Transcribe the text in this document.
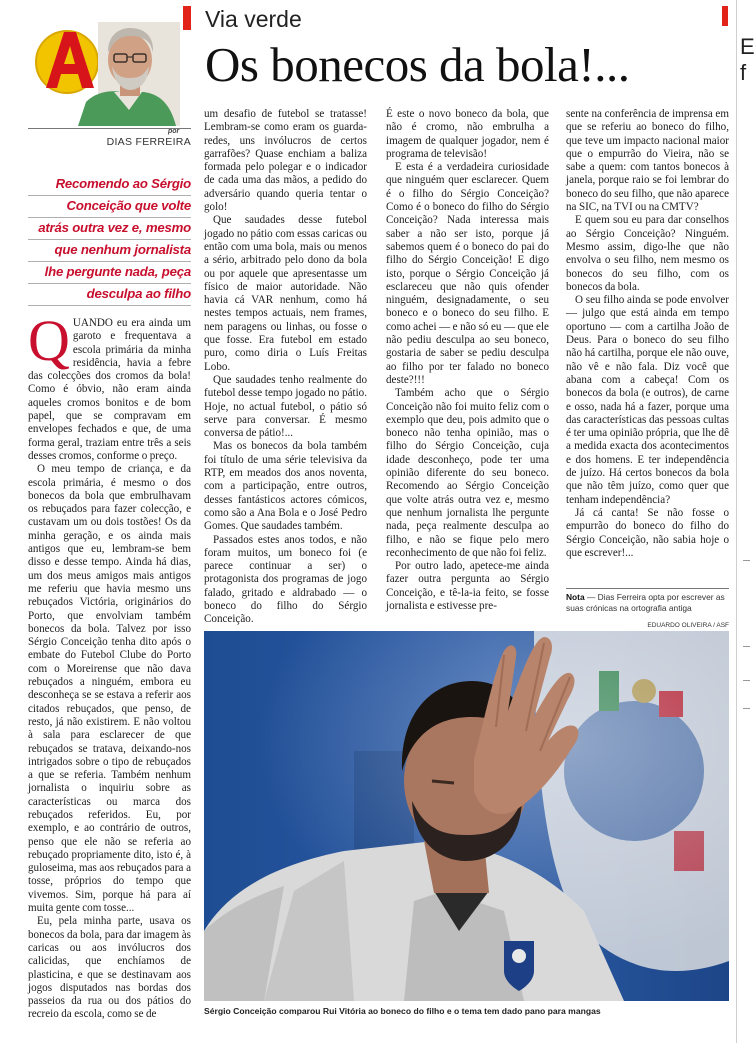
Via verde
Os bonecos da bola!...	E
f
por
DIAS FERREIRA
Recomendo ao Sérgio
Conceição que volte
atrás outra vez e, mesmo
que nenhum jornalista
lhe pergunte nada, peça
desculpa ao filho
Q UANDO eu era ainda um garoto e frequentava a escola primária da minha residência, havia a febre das colecções dos cromos da bola! Como é óbvio, não eram ainda aqueles cromos bonitos e de bom papel, que se compravam em envelopes fechados e que, de uma forma geral, traziam entre três a seis desses cromos, conforme o preço.

O meu tempo de criança, e da escola primária, é mesmo o dos bonecos da bola que embrulhavam os rebuçados para fazer colecção, e custavam um ou dois tostões! Os da minha geração, e os ainda mais antigos que eu, lembram-se bem disso e desse tempo. Ainda há dias, um dos meus amigos mais antigos me referiu que havia mesmo uns rebuçados Victória, originários do Porto, que envolviam também bonecos da bola. Talvez por isso Sérgio Conceição tenha dito após o embate do Futebol Clube do Porto com o Moreirense que não dava rebuçados a ninguém, embora eu desconheça se se estava a referir aos citados rebuçados, que penso, de resto, já não existirem. E não voltou à sala para esclarecer de que rebuçados se tratava, deixando-nos intrigados sobre o tipo de rebuçados a que se referia. Também nenhum jornalista o inquiriu sobre as características ou marca dos rebuçados referidos. Eu, por exemplo, e ao contrário de outros, penso que ele não se referia ao rebuçado propriamente dito, isto é, à guloseima, mas aos rebuçados para a tosse, próprios do tempo que vivemos. Sim, porque há para aí muita gente com tosse...

Eu, pela minha parte, usava os bonecos da bola, para dar imagem às caricas ou aos invólucros dos calicidas, que enchíamos de plasticina, e que se destinavam aos jogos disputados nas bordas dos passeios da rua ou dos pátios do recreio da escola, como se de

um desafio de futebol se tratasse! Lembram-se como eram os guarda-redes, uns invólucros de certos garrafões? Quase enchiam a baliza formada pelo polegar e o indicador de cada uma das mãos, a pedido do adversário quando queria tentar o golo!

Que saudades desse futebol jogado no pátio com essas caricas ou então com uma bola, mais ou menos a sério, arbitrado pelo dono da bola ou por aquele que apresentasse um físico de maior autoridade. Não havia cá VAR nenhum, como há nestes tempos actuais, nem frames, nem paragens ou linhas, ou fosse o que fosse. Era futebol em estado puro, como diria o Luís Freitas Lobo.

Que saudades tenho realmente do futebol desse tempo jogado no pátio. Hoje, no actual futebol, o pátio só serve para conversar. É mesmo conversa de pátio!...

Mas os bonecos da bola também foi título de uma série televisiva da RTP, em meados dos anos noventa, com a participação, entre outros, desses fantásticos actores cómicos, como são a Ana Bola e o José Pedro Gomes. Que saudades também.

Passados estes anos todos, e não foram muitos, um boneco foi (e parece continuar a ser) o protagonista dos programas de jogo falado, gritado e aldrabado — o boneco do filho do Sérgio Conceição.

É este o novo boneco da bola, que não é cromo, não embrulha a imagem de qualquer jogador, nem é programa de televisão!

E esta é a verdadeira curiosidade que ninguém quer esclarecer. Quem é o filho do Sérgio Conceição? Como é o boneco do filho do Sérgio Conceição? Nada interessa mais saber a não ser isto, porque já sabemos quem é o boneco do pai do filho do Sérgio Conceição! E digo isto, porque o Sérgio Conceição já esclareceu que não quis ofender ninguém, designadamente, o seu boneco e o boneco do seu filho. E como achei — e não só eu — que ele não pediu desculpa ao seu boneco, gostaria de saber se pediu desculpa ao filho por ter falado no boneco deste?!!!

Também acho que o Sérgio Conceição não foi muito feliz com o exemplo que deu, pois admito que o boneco não tenha opinião, mas o filho do Sérgio Conceição, cuja idade desconheço, pode ter uma opinião diferente do seu boneco. Recomendo ao Sérgio Conceição que volte atrás outra vez e, mesmo que nenhum jornalista lhe pergunte nada, peça realmente desculpa ao filho, e não se fique pelo mero reconhecimento de que não foi feliz.

Por outro lado, apetece-me ainda fazer outra pergunta ao Sérgio Conceição, e tê-la-ia feito, se fosse jornalista e estivesse pre-

sente na conferência de imprensa em que se referiu ao boneco do filho, que teve um impacto nacional maior que o empurrão do Vieira, não se sabe a quem: com tantos bonecos à janela, porque raio se foi lembrar do boneco do seu filho, que não aparece na SIC, na TVI ou na CMTV?

E quem sou eu para dar conselhos ao Sérgio Conceição? Ninguém. Mesmo assim, digo-lhe que não envolva o seu filho, nem mesmo os bonecos do seu filho, com os bonecos da bola.

O seu filho ainda se pode envolver — julgo que está ainda em tempo oportuno — com a cartilha João de Deus. Para o boneco do seu filho não há cartilha, porque ele não ouve, não vê e não fala. Diz você que abana com a cabeça! Com os bonecos da bola (e outros), de carne e osso, nada há a fazer, porque uma das características das pessoas cultas é ter uma opinião própria, que lhe dê a medida exacta dos acontecimentos e dos homens. E ter independência de juízo. Há certos bonecos da bola que não têm juízo, como quer que tenham independência?

Já cá canta! Se não fosse o empurrão do boneco do filho do Sérgio Conceição, não sabia hoje o que escrever!...

Nota — Dias Ferreira opta por escrever as suas crónicas na ortografia antiga
EDUARDO OLIVEIRA / ASF
Sérgio Conceição comparou Rui Vitória ao boneco do filho e o tema tem dado pano para mangas
